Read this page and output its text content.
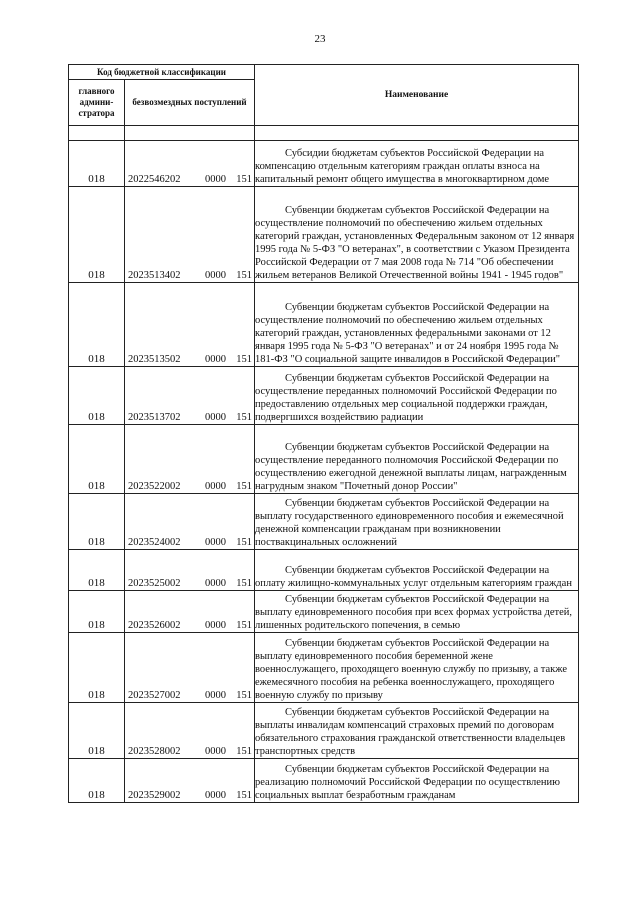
23
Код бюджетной классификации		Наименование
главного админи-стратора	безвозмездных поступлений	

018	2022546202 0000 151	Субсидии бюджетам субъектов Российской Федерации на компенсацию отдельным категориям граждан оплаты взноса на капитальный ремонт общего имущества в многоквартирном доме
018	2023513402 0000 151	Субвенции бюджетам субъектов Российской Федерации на осуществление полномочий по обеспечению жильем отдельных категорий граждан, установленных Федеральным законом от 12 января 1995 года № 5-ФЗ "О ветеранах", в соответствии с Указом Президента Российской Федерации от 7 мая 2008 года № 714 "Об обеспечении жильем ветеранов Великой Отечественной войны 1941 - 1945 годов"
018	2023513502 0000 151	Субвенции бюджетам субъектов Российской Федерации на осуществление полномочий по обеспечению жильем отдельных категорий граждан, установленных федеральными законами от 12 января 1995 года № 5-ФЗ "О ветеранах" и от 24 ноября 1995 года № 181-ФЗ "О социальной защите инвалидов в Российской Федерации"
018	2023513702 0000 151	Субвенции бюджетам субъектов Российской Федерации на осуществление переданных полномочий Российской Федерации по предоставлению отдельных мер социальной поддержки граждан, подвергшихся воздействию радиации
018	2023522002 0000 151	Субвенции бюджетам субъектов Российской Федерации на осуществление переданного полномочия Российской Федерации по осуществлению ежегодной денежной выплаты лицам, награжденным нагрудным знаком "Почетный донор России"
018	2023524002 0000 151	Субвенции бюджетам субъектов Российской Федерации на выплату государственного единовременного пособия и ежемесячной денежной компенсации гражданам при возникновении поствакцинальных осложнений
018	2023525002 0000 151	Субвенции бюджетам субъектов Российской Федерации на оплату жилищно-коммунальных услуг отдельным категориям граждан
018	2023526002 0000 151	Субвенции бюджетам субъектов Российской Федерации на выплату единовременного пособия при всех формах устройства детей, лишенных родительского попечения, в семью
018	2023527002 0000 151	Субвенции бюджетам субъектов Российской Федерации на выплату единовременного пособия беременной жене военнослужащего, проходящего военную службу по призыву, а также ежемесячного пособия на ребенка военнослужащего, проходящего военную службу по призыву
018	2023528002 0000 151	Субвенции бюджетам субъектов Российской Федерации на выплаты инвалидам компенсаций страховых премий по договорам обязательного страхования гражданской ответственности владельцев транспортных средств
018	2023529002 0000 151	Субвенции бюджетам субъектов Российской Федерации на реализацию полномочий Российской Федерации по осуществлению социальных выплат безработным гражданам
